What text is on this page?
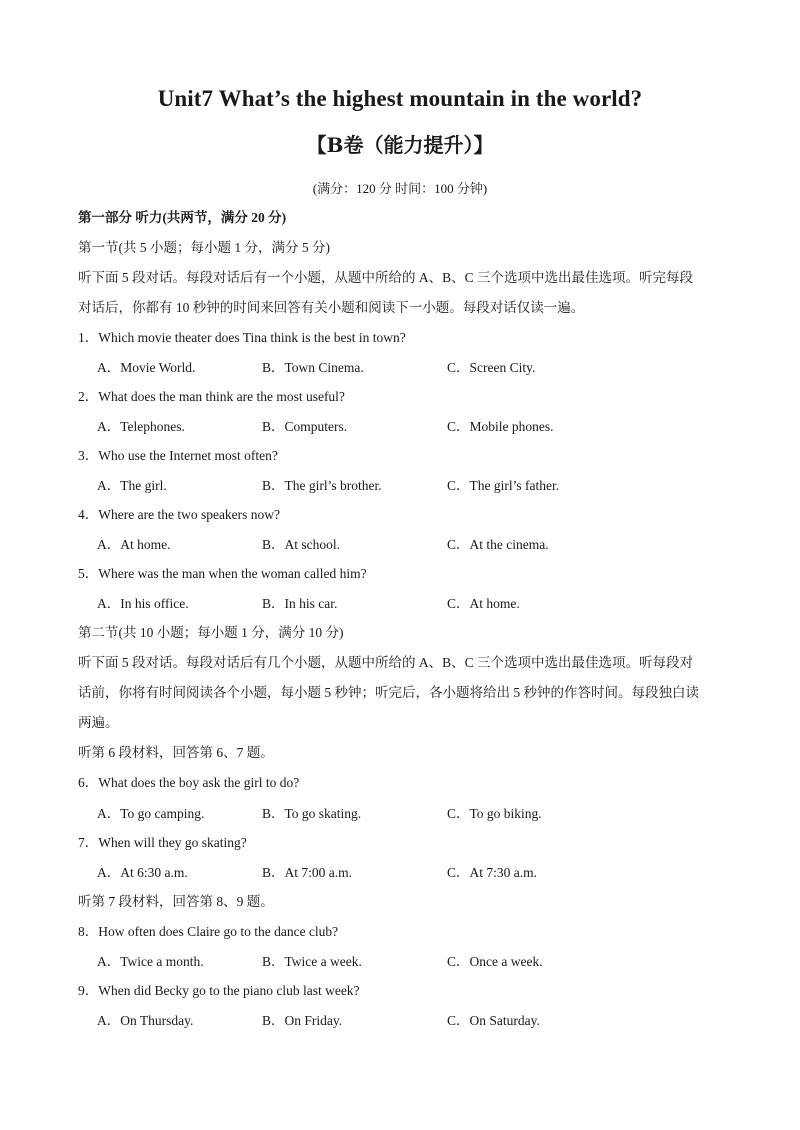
Unit7 What’s the highest mountain in the world?
【B卷（能力提升）】
(满分：120 分 时间：100 分钟)
第一部分 听力(共两节，满分 20 分)
第一节(共 5 小题；每小题 1 分，满分 5 分)
听下面 5 段对话。每段对话后有一个小题，从题中所给的 A、B、C 三个选项中选出最佳选项。听完每段
对话后，你都有 10 秒钟的时间来回答有关小题和阅读下一小题。每段对话仅读一遍。
1．Which movie theater does Tina think is the best in town?
A．Movie World.	B．Town Cinema.	C．Screen City.
2．What does the man think are the most useful?
A．Telephones.	B．Computers.	C．Mobile phones.
3．Who use the Internet most often?
A．The girl.	B．The girl’s brother.	C．The girl’s father.
4．Where are the two speakers now?
A．At home.	B．At school.	C．At the cinema.
5．Where was the man when the woman called him?
A．In his office.	B．In his car.	C．At home.
第二节(共 10 小题；每小题 1 分，满分 10 分)
听下面 5 段对话。每段对话后有几个小题，从题中所给的 A、B、C 三个选项中选出最佳选项。听每段对
话前，你将有时间阅读各个小题，每小题 5 秒钟；听完后，各小题将给出 5 秒钟的作答时间。每段独白读
两遍。
听第 6 段材料，回答第 6、7 题。
6．What does the boy ask the girl to do?
A．To go camping.	B．To go skating.	C．To go biking.
7．When will they go skating?
A．At 6:30 a.m.	B．At 7:00 a.m.	C．At 7:30 a.m.
听第 7 段材料，回答第 8、9 题。
8．How often does Claire go to the dance club?
A．Twice a month.	B．Twice a week.	C．Once a week.
9．When did Becky go to the piano club last week?
A．On Thursday.	B．On Friday.	C．On Saturday.
